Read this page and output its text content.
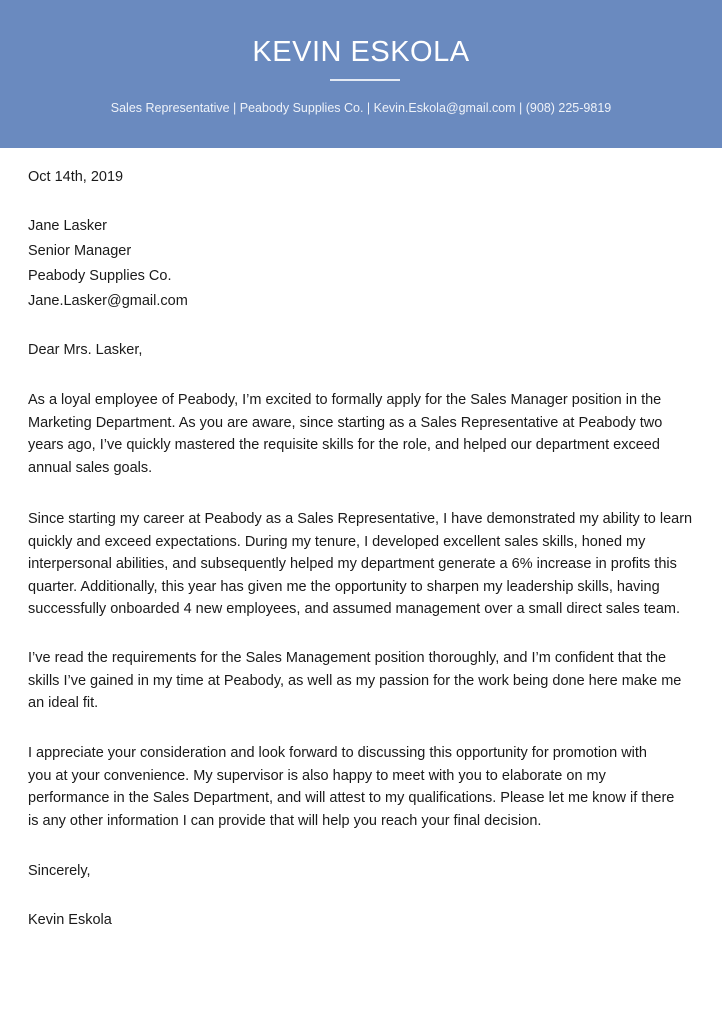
KEVIN ESKOLA
Sales Representative | Peabody Supplies Co. | Kevin.Eskola@gmail.com | (908) 225-9819
Oct 14th, 2019
Jane Lasker
Senior Manager
Peabody Supplies Co.
Jane.Lasker@gmail.com
Dear Mrs. Lasker,
As a loyal employee of Peabody, I’m excited to formally apply for the Sales Manager position in the
Marketing Department. As you are aware, since starting as a Sales Representative at Peabody two
years ago, I’ve quickly mastered the requisite skills for the role, and helped our department exceed
annual sales goals.
Since starting my career at Peabody as a Sales Representative, I have demonstrated my ability to learn
quickly and exceed expectations. During my tenure, I developed excellent sales skills, honed my
interpersonal abilities, and subsequently helped my department generate a 6% increase in profits this
quarter. Additionally, this year has given me the opportunity to sharpen my leadership skills, having
successfully onboarded 4 new employees, and assumed management over a small direct sales team.
I’ve read the requirements for the Sales Management position thoroughly, and I’m confident that the
skills I’ve gained in my time at Peabody, as well as my passion for the work being done here make me
an ideal fit.
I appreciate your consideration and look forward to discussing this opportunity for promotion with
you at your convenience. My supervisor is also happy to meet with you to elaborate on my
performance in the Sales Department, and will attest to my qualifications. Please let me know if there
is any other information I can provide that will help you reach your final decision.
Sincerely,
Kevin Eskola
